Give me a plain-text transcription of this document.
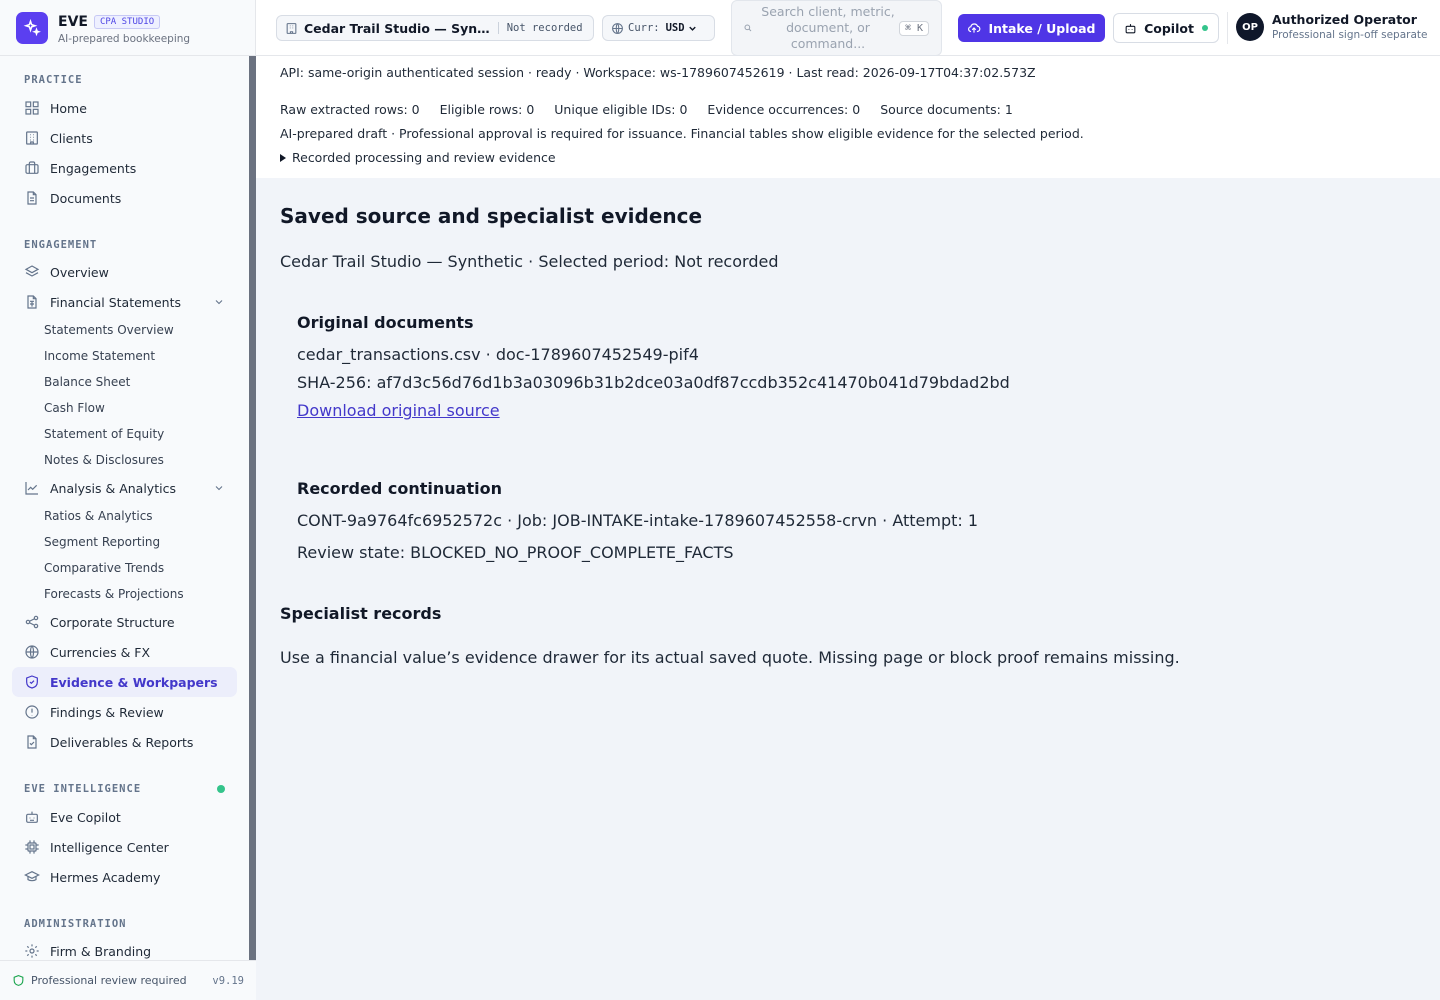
EVE CPA STUDIO
AI-prepared bookkeeping
PRACTICE
Home
Clients
Engagements
Documents
ENGAGEMENT
Overview
Financial Statements
Statements Overview
Income Statement
Balance Sheet
Cash Flow
Statement of Equity
Notes & Disclosures
Analysis & Analytics
Ratios & Analytics
Segment Reporting
Comparative Trends
Forecasts & Projections
Corporate Structure
Currencies & FX
Evidence & Workpapers
Findings & Review
Deliverables & Reports
EVE INTELLIGENCE
Eve Copilot
Intelligence Center
Hermes Academy
ADMINISTRATION
Firm & Branding
Professional review required v9.19
Cedar Trail Studio — Syn… Not recorded	Curr: USD
Search client, metric, document, or command...
⌘ K	Intake / Upload	Copilot	OP	Authorized Operator
Professional sign-off separate
API: same-origin authenticated session · ready · Workspace: ws-1789607452619 · Last read: 2026-09-17T04:37:02.573Z
Raw extracted rows: 0 Eligible rows: 0 Unique eligible IDs: 0 Evidence occurrences: 0 Source documents: 1
AI-prepared draft · Professional approval is required for issuance. Financial tables show eligible evidence for the selected period.
Recorded processing and review evidence
Saved source and specialist evidence
Cedar Trail Studio — Synthetic · Selected period: Not recorded
Original documents
cedar_transactions.csv · doc-1789607452549-pif4
SHA-256: af7d3c56d76d1b3a03096b31b2dce03a0df87ccdb352c41470b041d79bdad2bd
Download original source
Recorded continuation
CONT-9a9764fc6952572c · Job: JOB-INTAKE-intake-1789607452558-crvn · Attempt: 1
Review state: BLOCKED_NO_PROOF_COMPLETE_FACTS
Specialist records
Use a financial value’s evidence drawer for its actual saved quote. Missing page or block proof remains missing.
